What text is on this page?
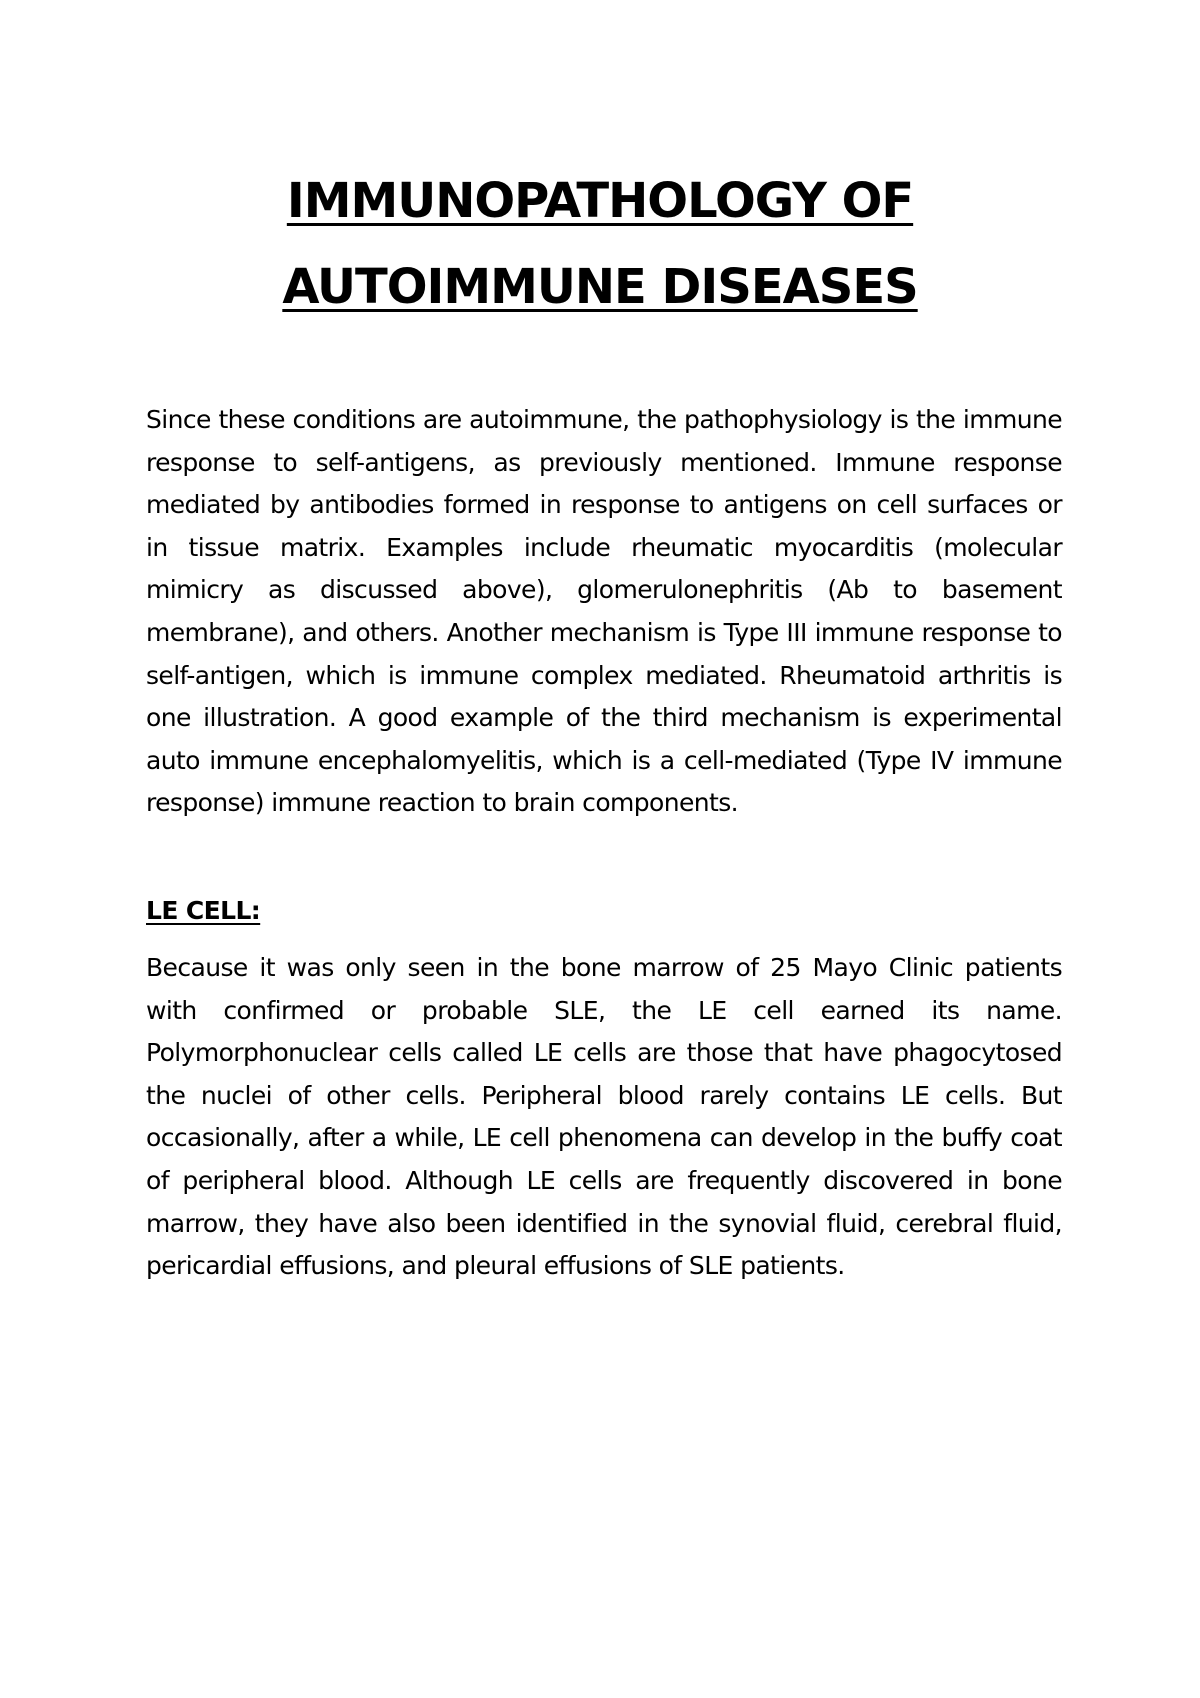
IMMUNOPATHOLOGY OF
AUTOIMMUNE DISEASES

Since these conditions are autoimmune, the pathophysiology is the immune response to self-antigens, as previously mentioned. Immune response mediated by antibodies formed in response to antigens on cell surfaces or in tissue matrix. Examples include rheumatic myocarditis (molecular mimicry as discussed above), glomerulonephritis (Ab to basement membrane), and others. Another mechanism is Type III immune response to self-antigen, which is immune complex mediated. Rheumatoid arthritis is one illustration. A good example of the third mechanism is experimental auto immune encephalomyelitis, which is a cell-mediated (Type IV immune response) immune reaction to brain components.

LE CELL:

Because it was only seen in the bone marrow of 25 Mayo Clinic patients with confirmed or probable SLE, the LE cell earned its name. Polymorphonuclear cells called LE cells are those that have phagocytosed the nuclei of other cells. Peripheral blood rarely contains LE cells. But occasionally, after a while, LE cell phenomena can develop in the buffy coat of peripheral blood. Although LE cells are frequently discovered in bone marrow, they have also been identified in the synovial fluid, cerebral fluid, pericardial effusions, and pleural effusions of SLE patients.
